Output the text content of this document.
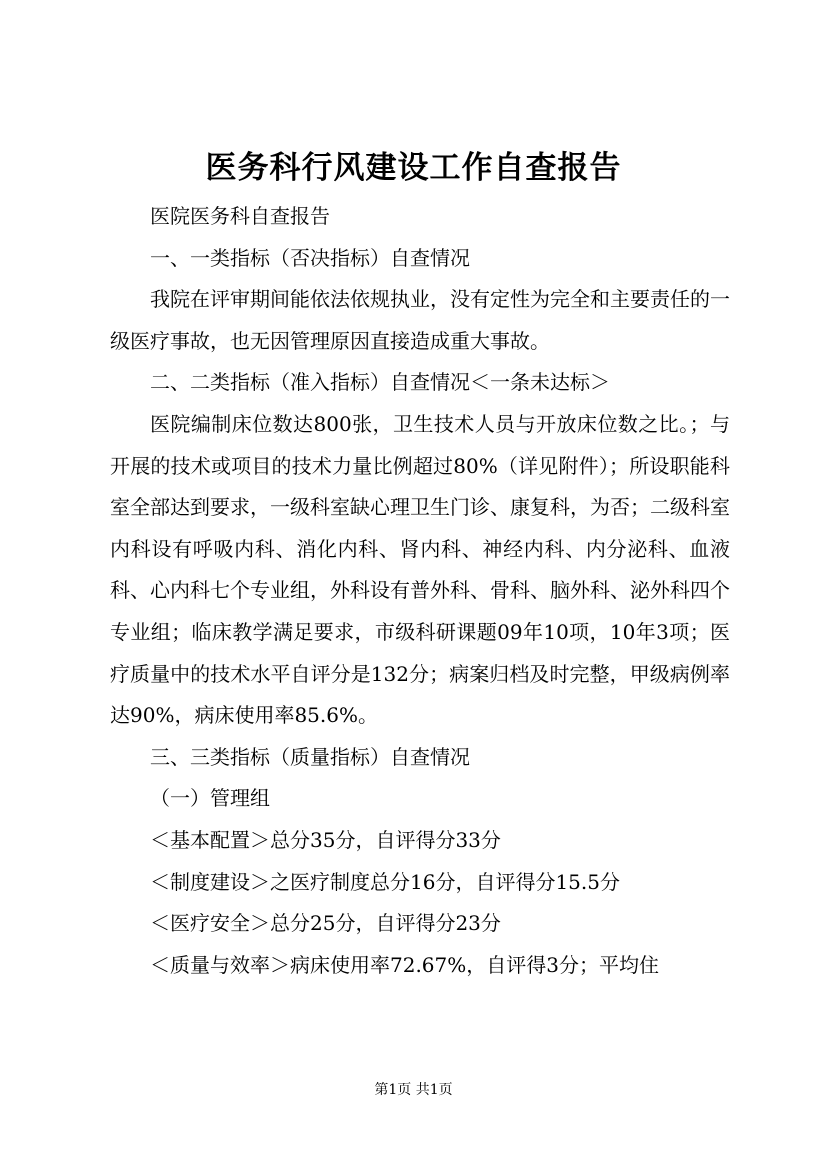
医务科行风建设工作自查报告

医院医务科自查报告

一、一类指标（否决指标）自查情况

我院在评审期间能依法依规执业，没有定性为完全和主要责任的一级医疗事故，也无因管理原因直接造成重大事故。

二、二类指标（准入指标）自查情况＜一条未达标＞

医院编制床位数达800张，卫生技术人员与开放床位数之比。；与开展的技术或项目的技术力量比例超过80%（详见附件）；所设职能科室全部达到要求，一级科室缺心理卫生门诊、康复科，为否；二级科室内科设有呼吸内科、消化内科、肾内科、神经内科、内分泌科、血液科、心内科七个专业组，外科设有普外科、骨科、脑外科、泌外科四个专业组；临床教学满足要求，市级科研课题09年10项，10年3项；医疗质量中的技术水平自评分是132分；病案归档及时完整，甲级病例率达90%，病床使用率85.6%。

三、三类指标（质量指标）自查情况

（一）管理组

＜基本配置＞总分35分，自评得分33分

＜制度建设＞之医疗制度总分16分，自评得分15.5分

＜医疗安全＞总分25分，自评得分23分

＜质量与效率＞病床使用率72.67%，自评得3分；平均住

第1页 共1页
